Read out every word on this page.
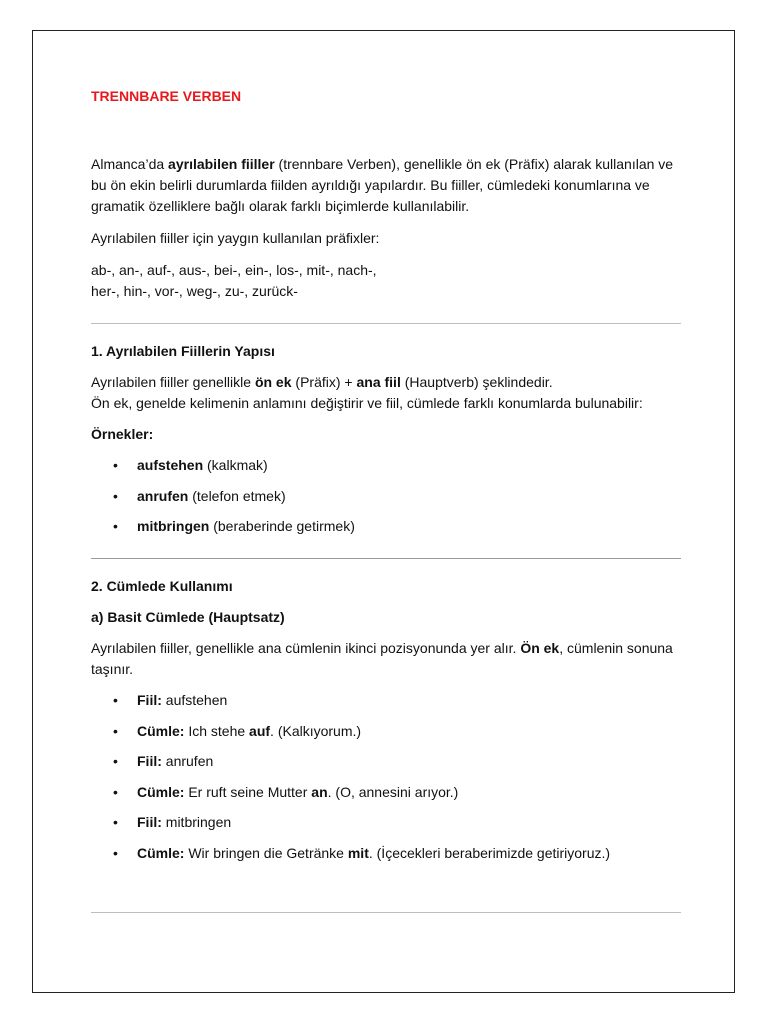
TRENNBARE VERBEN

Almanca’da ayrılabilen fiiller (trennbare Verben), genellikle ön ek (Präfix) alarak kullanılan ve bu ön ekin belirli durumlarda fiilden ayrıldığı yapılardır. Bu fiiller, cümledeki konumlarına ve gramatik özelliklere bağlı olarak farklı biçimlerde kullanılabilir.

Ayrılabilen fiiller için yaygın kullanılan präfixler:

ab-, an-, auf-, aus-, bei-, ein-, los-, mit-, nach-,
her-, hin-, vor-, weg-, zu-, zurück-

1. Ayrılabilen Fiillerin Yapısı

Ayrılabilen fiiller genellikle ön ek (Präfix) + ana fiil (Hauptverb) şeklindedir.
Ön ek, genelde kelimenin anlamını değiştirir ve fiil, cümlede farklı konumlarda bulunabilir:

Örnekler:

• aufstehen (kalkmak)
• anrufen (telefon etmek)
• mitbringen (beraberinde getirmek)

2. Cümlede Kullanımı

a) Basit Cümlede (Hauptsatz)

Ayrılabilen fiiller, genellikle ana cümlenin ikinci pozisyonunda yer alır. Ön ek, cümlenin sonuna taşınır.

• Fiil: aufstehen
• Cümle: Ich stehe auf. (Kalkıyorum.)
• Fiil: anrufen
• Cümle: Er ruft seine Mutter an. (O, annesini arıyor.)
• Fiil: mitbringen
• Cümle: Wir bringen die Getränke mit. (İçecekleri beraberimizde getiriyoruz.)
